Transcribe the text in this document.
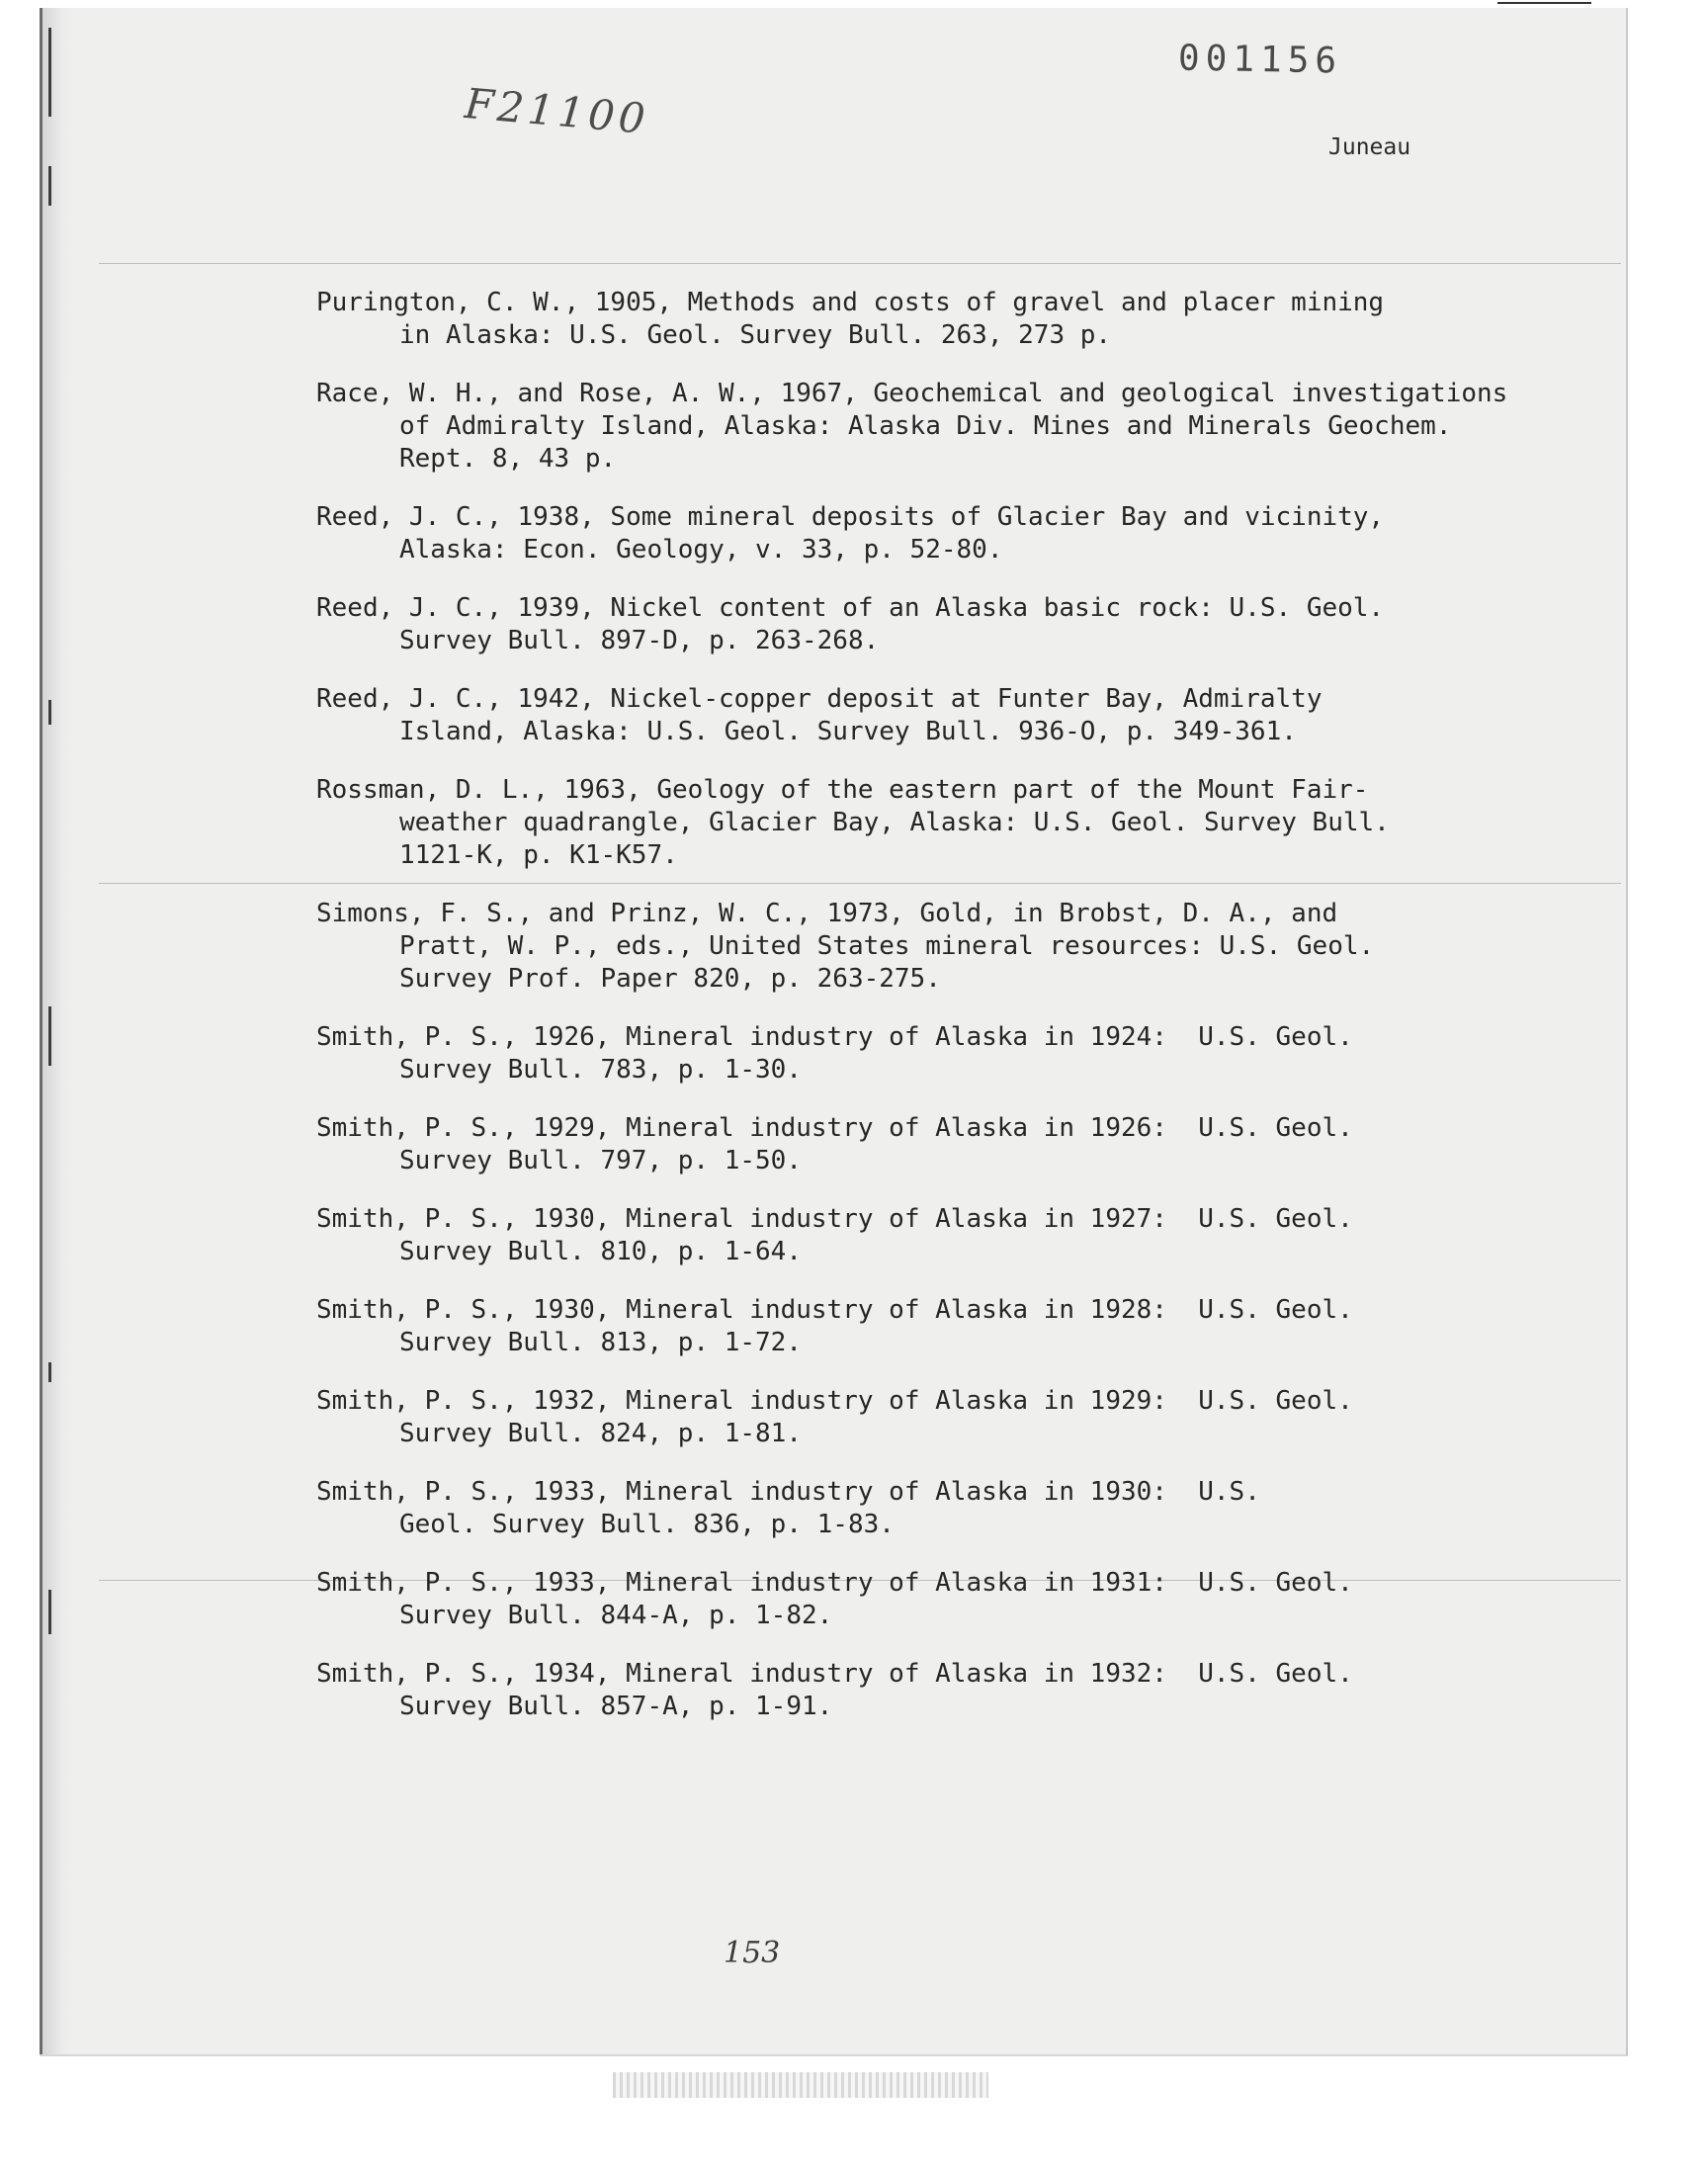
001156
F21100
Juneau
Purington, C. W., 1905, Methods and costs of gravel and placer mining
in Alaska: U.S. Geol. Survey Bull. 263, 273 p.
Race, W. H., and Rose, A. W., 1967, Geochemical and geological investigations
of Admiralty Island, Alaska: Alaska Div. Mines and Minerals Geochem.
Rept. 8, 43 p.
Reed, J. C., 1938, Some mineral deposits of Glacier Bay and vicinity,
Alaska: Econ. Geology, v. 33, p. 52-80.
Reed, J. C., 1939, Nickel content of an Alaska basic rock: U.S. Geol.
Survey Bull. 897-D, p. 263-268.
Reed, J. C., 1942, Nickel-copper deposit at Funter Bay, Admiralty
Island, Alaska: U.S. Geol. Survey Bull. 936-O, p. 349-361.
Rossman, D. L., 1963, Geology of the eastern part of the Mount Fair-
weather quadrangle, Glacier Bay, Alaska: U.S. Geol. Survey Bull.
1121-K, p. K1-K57.
Simons, F. S., and Prinz, W. C., 1973, Gold, in Brobst, D. A., and
Pratt, W. P., eds., United States mineral resources: U.S. Geol.
Survey Prof. Paper 820, p. 263-275.
Smith, P. S., 1926, Mineral industry of Alaska in 1924:  U.S. Geol.
Survey Bull. 783, p. 1-30.
Smith, P. S., 1929, Mineral industry of Alaska in 1926:  U.S. Geol.
Survey Bull. 797, p. 1-50.
Smith, P. S., 1930, Mineral industry of Alaska in 1927:  U.S. Geol.
Survey Bull. 810, p. 1-64.
Smith, P. S., 1930, Mineral industry of Alaska in 1928:  U.S. Geol.
Survey Bull. 813, p. 1-72.
Smith, P. S., 1932, Mineral industry of Alaska in 1929:  U.S. Geol.
Survey Bull. 824, p. 1-81.
Smith, P. S., 1933, Mineral industry of Alaska in 1930:  U.S.
Geol. Survey Bull. 836, p. 1-83.
Smith, P. S., 1933, Mineral industry of Alaska in 1931:  U.S. Geol.
Survey Bull. 844-A, p. 1-82.
Smith, P. S., 1934, Mineral industry of Alaska in 1932:  U.S. Geol.
Survey Bull. 857-A, p. 1-91.
153
